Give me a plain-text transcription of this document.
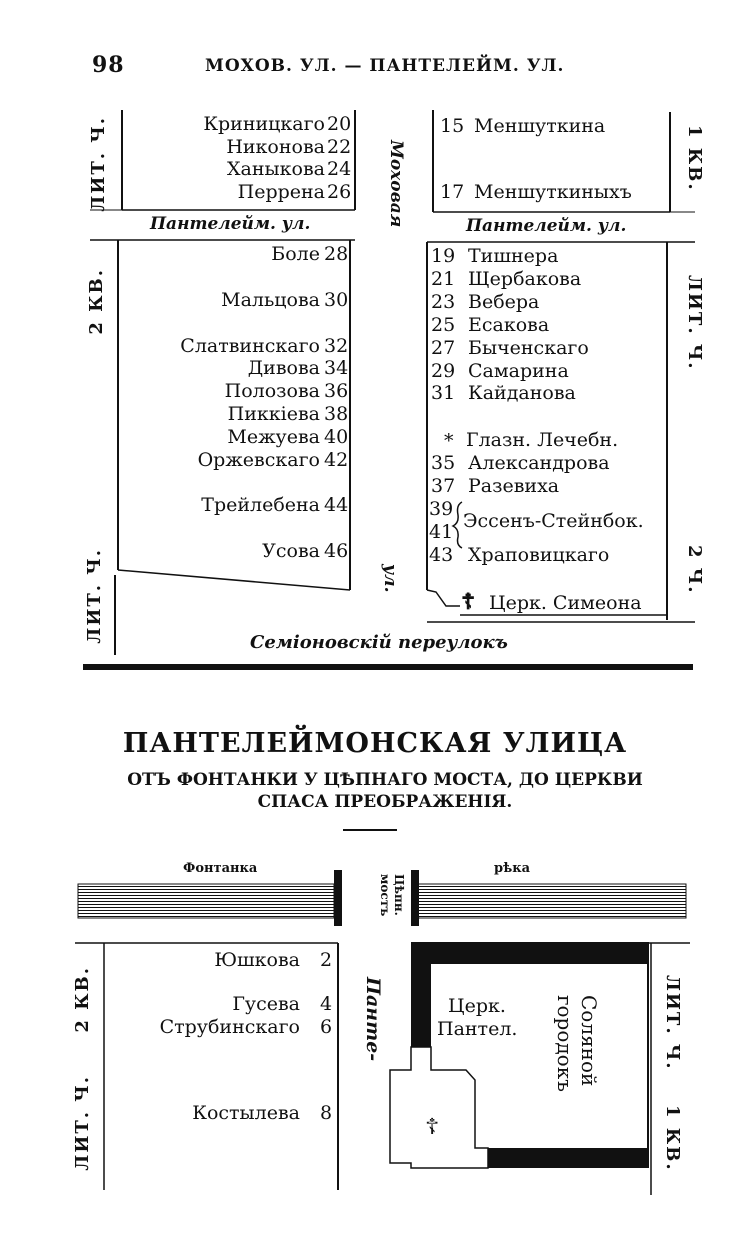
98	МОХОВ. УЛ. — ПАНТЕЛЕЙМ. УЛ.
ЛИТ. Ч.
2 КВ.
ЛИТ. Ч.
1 КВ.
ЛИТ. Ч.
2 Ч.
Моховая
ул.
Пантелейм. ул.	Пантелейм. ул.
Семіоновскій переулокъ
Криницкаго 20
Никонова 22
Ханыкова 24
Перрена 26
15 Меншуткина
17 Меншуткиныхъ
Боле 28
Мальцова 30
Слатвинскаго 32
Дивова 34
Полозова 36
Пиккіева 38
Межуева 40
Оржевскаго 42
Трейлебена 44
Усова 46
19 Тишнера
21 Щербакова
23 Вебера
25 Есакова
27 Быченскаго
29 Самарина
31 Кайданова
* Глазн. Лечебн.
35 Александрова
37 Разевиха
39
41 Эссенъ-Стейнбок.
43 Храповицкаго
☦ Церк. Симеона
ПАНТЕЛЕЙМОНСКАЯ УЛИЦА
ОТЪ ФОНТАНКИ У ЦѢПНАГО МОСТА, ДО ЦЕРКВИ
СПАСА ПРЕОБРАЖЕНІЯ.
Фонтанка	рѣка
Цѣпн. мостъ
Панте-
2 КВ.
ЛИТ. Ч.
ЛИТ. Ч.
1 КВ.
Юшкова 2
Гусева 4
Струбинскаго 6
Костылева 8
Церк.
Пантел.
☦
Соляной городокъ
